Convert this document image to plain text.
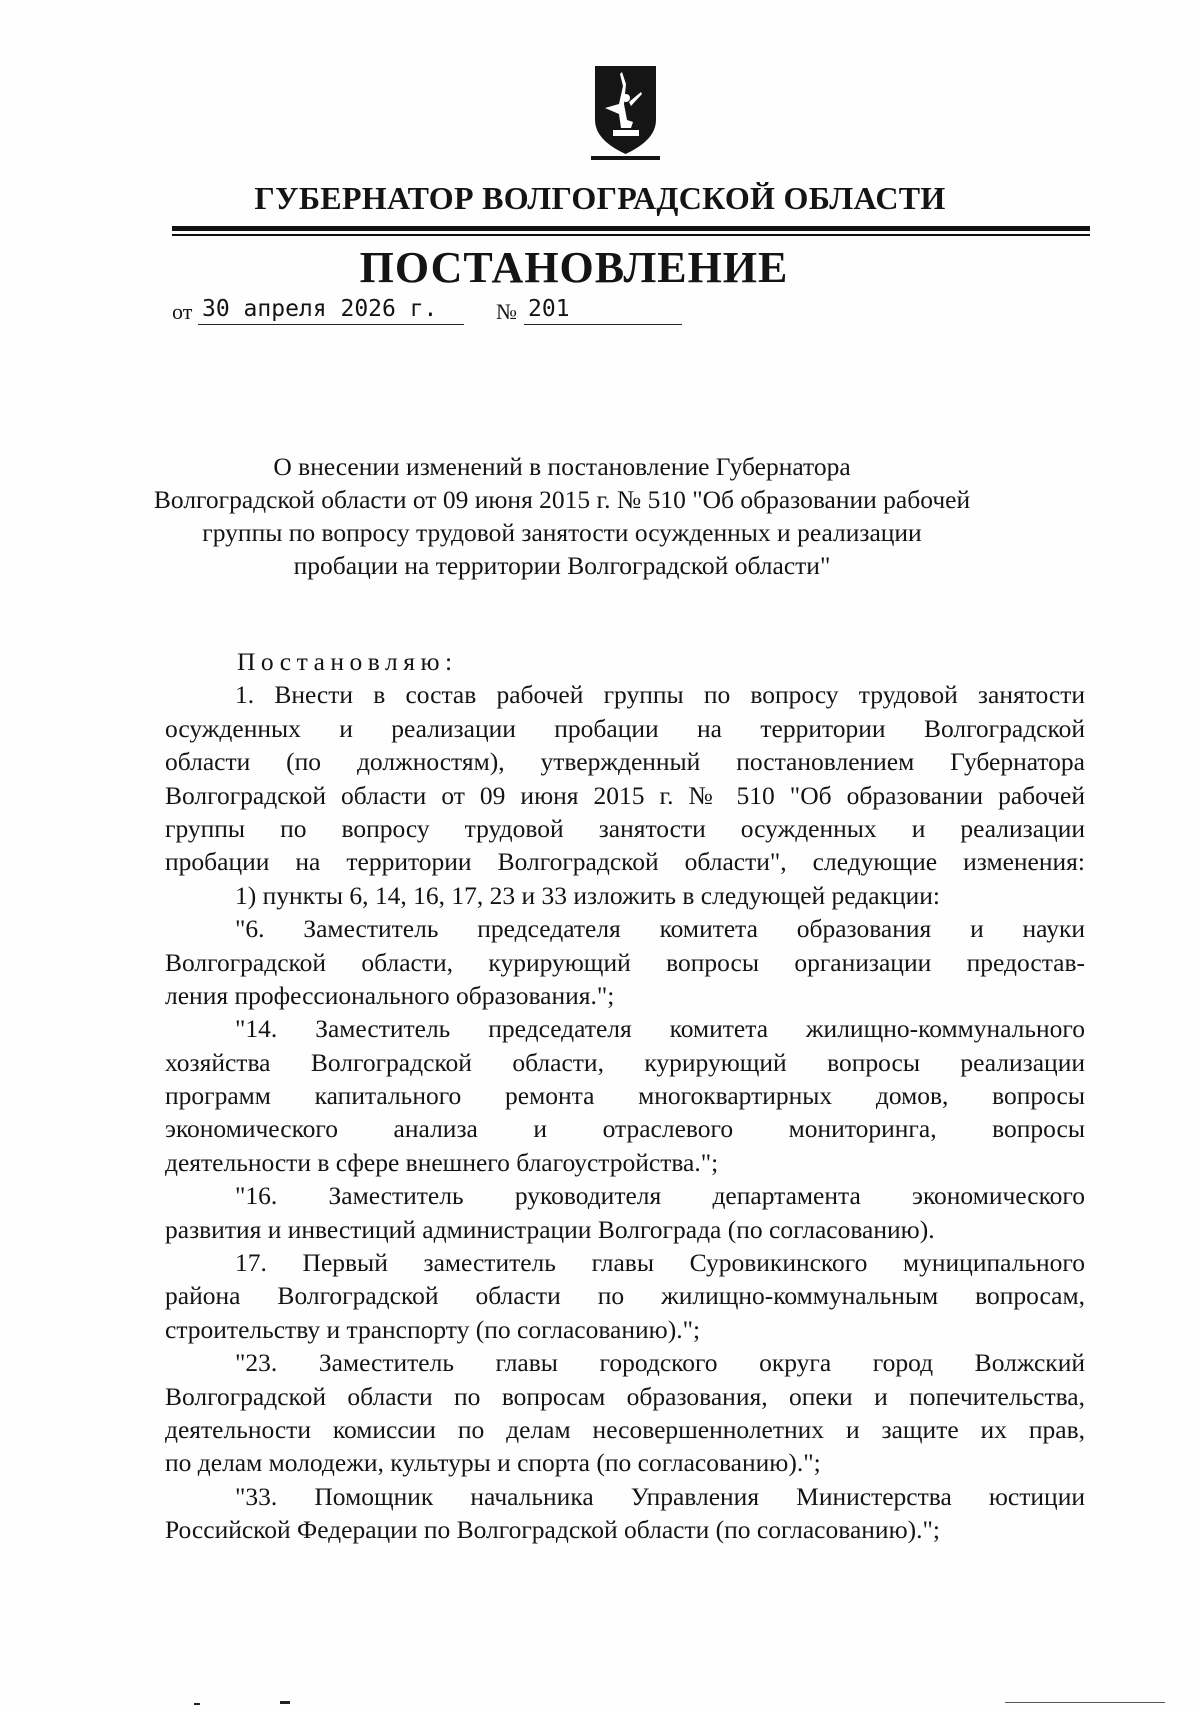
ГУБЕРНАТОР ВОЛГОГРАДСКОЙ ОБЛАСТИ
ПОСТАНОВЛЕНИЕ
от 30 апреля 2026 г.	№ 201

О внесении изменений в постановление Губернатора
Волгоградской области от 09 июня 2015 г. № 510 "Об образовании рабочей
группы по вопросу трудовой занятости осужденных и реализации
пробации на территории Волгоградской области"

Постановляю:
1. Внести в состав рабочей группы по вопросу трудовой занятости
осужденных и реализации пробации на территории Волгоградской
области (по должностям), утвержденный постановлением Губернатора
Волгоградской области от 09 июня 2015 г. № 510 "Об образовании рабочей
группы по вопросу трудовой занятости осужденных и реализации
пробации на территории Волгоградской области", следующие изменения:
1) пункты 6, 14, 16, 17, 23 и 33 изложить в следующей редакции:
"6. Заместитель председателя комитета образования и науки
Волгоградской области, курирующий вопросы организации предостав-
ления профессионального образования.";
"14. Заместитель председателя комитета жилищно-коммунального
хозяйства Волгоградской области, курирующий вопросы реализации
программ капитального ремонта многоквартирных домов, вопросы
экономического анализа и отраслевого мониторинга, вопросы
деятельности в сфере внешнего благоустройства.";
"16. Заместитель руководителя департамента экономического
развития и инвестиций администрации Волгограда (по согласованию).
17. Первый заместитель главы Суровикинского муниципального
района Волгоградской области по жилищно-коммунальным вопросам,
строительству и транспорту (по согласованию).";
"23. Заместитель главы городского округа город Волжский
Волгоградской области по вопросам образования, опеки и попечительства,
деятельности комиссии по делам несовершеннолетних и защите их прав,
по делам молодежи, культуры и спорта (по согласованию).";
"33. Помощник начальника Управления Министерства юстиции
Российской Федерации по Волгоградской области (по согласованию).";
